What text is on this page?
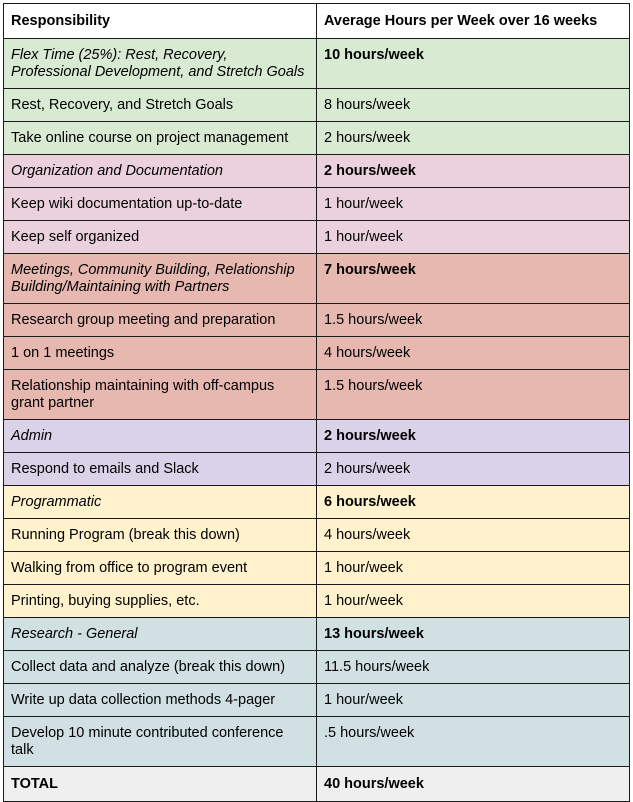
Responsibility	Average Hours per Week over 16 weeks
Flex Time (25%): Rest, Recovery, Professional Development, and Stretch Goals	10 hours/week
Rest, Recovery, and Stretch Goals	8 hours/week
Take online course on project management	2 hours/week
Organization and Documentation	2 hours/week
Keep wiki documentation up-to-date	1 hour/week
Keep self organized	1 hour/week
Meetings, Community Building, Relationship Building/Maintaining with Partners	7 hours/week
Research group meeting and preparation	1.5 hours/week
1 on 1 meetings	4 hours/week
Relationship maintaining with off-campus grant partner	1.5 hours/week
Admin	2 hours/week
Respond to emails and Slack	2 hours/week
Programmatic	6 hours/week
Running Program (break this down)	4 hours/week
Walking from office to program event	1 hour/week
Printing, buying supplies, etc.	1 hour/week
Research - General	13 hours/week
Collect data and analyze (break this down)	11.5 hours/week
Write up data collection methods 4-pager	1 hour/week
Develop 10 minute contributed conference talk	.5 hours/week
TOTAL	40 hours/week
